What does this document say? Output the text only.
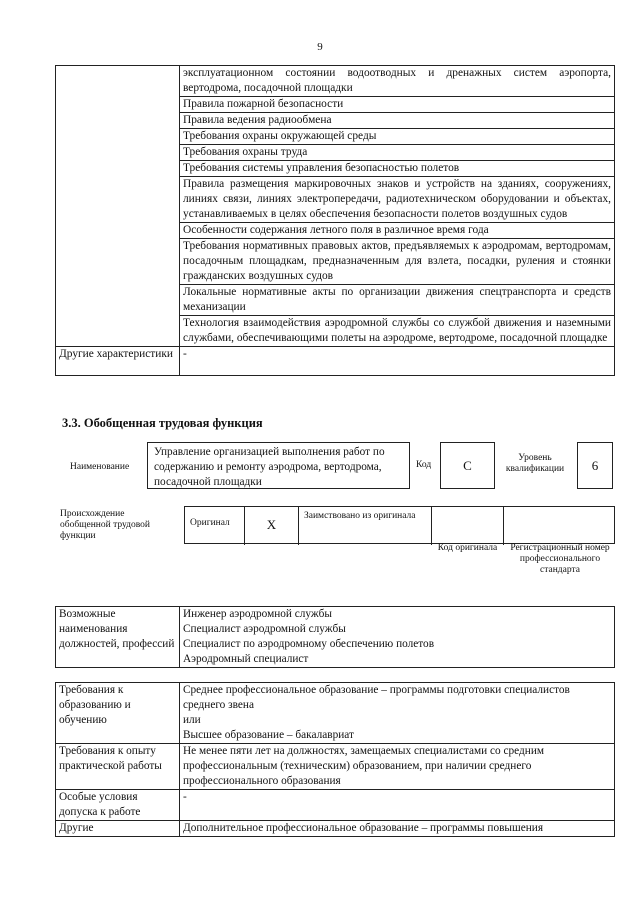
9
	эксплуатационном состоянии водоотводных и дренажных систем аэропорта, вертодрома, посадочной площадки
	Правила пожарной безопасности
	Правила ведения радиообмена
	Требования охраны окружающей среды
	Требования охраны труда
	Требования системы управления безопасностью полетов
	Правила размещения маркировочных знаков и устройств на зданиях, сооружениях, линиях связи, линиях электропередачи, радиотехническом оборудовании и объектах, устанавливаемых в целях обеспечения безопасности полетов воздушных судов
	Особенности содержания летного поля в различное время года
	Требования нормативных правовых актов, предъявляемых к аэродромам, вертодромам, посадочным площадкам, предназначенным для взлета, посадки, руления и стоянки гражданских воздушных судов
	Локальные нормативные акты по организации движения спецтранспорта и средств механизации
	Технология взаимодействия аэродромной службы со службой движения и наземными службами, обеспечивающими полеты на аэродроме, вертодроме, посадочной площадке
Другие характеристики	-
3.3. Обобщенная трудовая функция
Наименование
Управление организацией выполнения работ по содержанию и ремонту аэродрома, вертодрома, посадочной площадки
Код	С	Уровень квалификации	6
Происхождение обобщенной трудовой функции
Оригинал	X
Заимствовано из оригинала
Код оригинала	Регистрационный номер профессионального стандарта
Возможные наименования должностей, профессий	
Инженер аэродромной службы
Специалист аэродромной службы
Специалист по аэродромному обеспечению полетов
Аэродромный специалист
Требования к образованию и обучению	Среднее профессиональное образование – программы подготовки специалистов среднего звена
или
Высшее образование – бакалавриат

Требования к опыту практической работы	Не менее пяти лет на должностях, замещаемых специалистами со средним профессиональным (техническим) образованием, при наличии среднего профессионального образования
Особые условия допуска к работе	-
Другие	Дополнительное профессиональное образование – программы повышения
